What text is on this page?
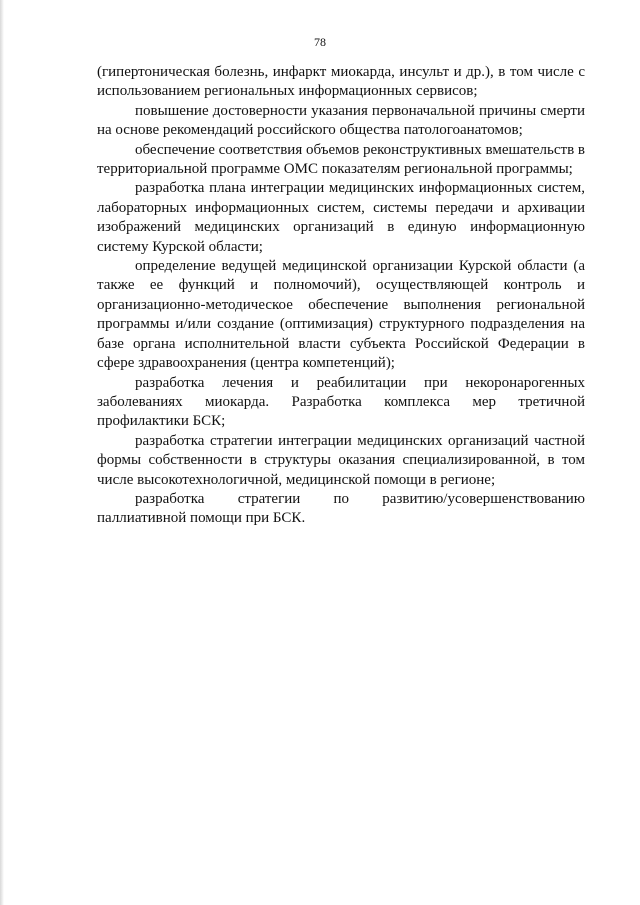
78

(гипертоническая болезнь, инфаркт миокарда, инсульт и др.), в том числе с использованием региональных информационных сервисов;

повышение достоверности указания первоначальной причины смерти на основе рекомендаций российского общества патологоанатомов;

обеспечение соответствия объемов реконструктивных вмешательств в территориальной программе ОМС показателям региональной программы;

разработка плана интеграции медицинских информационных систем, лабораторных информационных систем, системы передачи и архивации изображений медицинских организаций в единую информационную систему Курской области;

определение ведущей медицинской организации Курской области (а также ее функций и полномочий), осуществляющей контроль и организационно-методическое обеспечение выполнения региональной программы и/или создание (оптимизация) структурного подразделения на базе органа исполнительной власти субъекта Российской Федерации в сфере здравоохранения (центра компетенций);

разработка лечения и реабилитации при некоронарогенных заболеваниях миокарда. Разработка комплекса мер третичной профилактики БСК;

разработка стратегии интеграции медицинских организаций частной формы собственности в структуры оказания специализированной, в том числе высокотехнологичной, медицинской помощи в регионе;

разработка стратегии по развитию/усовершенствованию паллиативной помощи при БСК.
